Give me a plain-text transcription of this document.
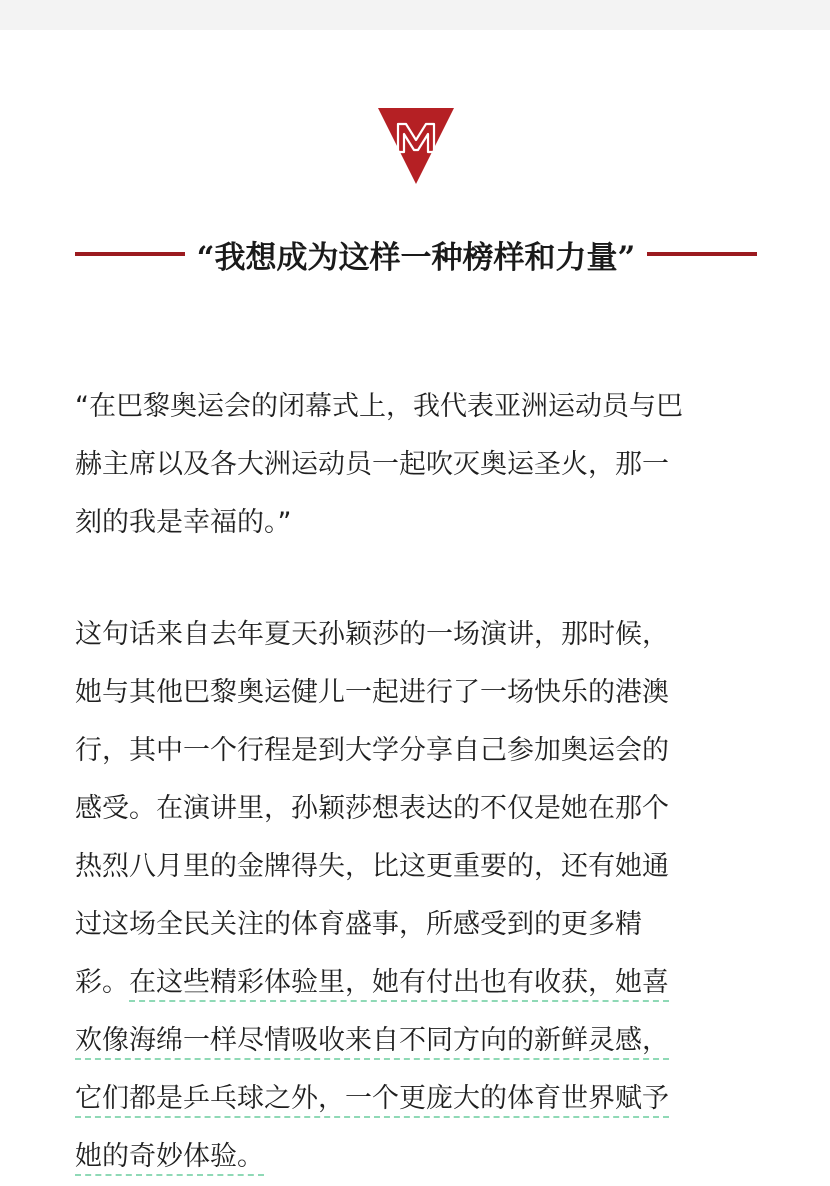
“我想成为这样一种榜样和力量”

“在巴黎奥运会的闭幕式上，我代表亚洲运动员与巴
赫主席以及各大洲运动员一起吹灭奥运圣火，那一
刻的我是幸福的。”

这句话来自去年夏天孙颖莎的一场演讲，那时候，
她与其他巴黎奥运健儿一起进行了一场快乐的港澳
行，其中一个行程是到大学分享自己参加奥运会的
感受。在演讲里，孙颖莎想表达的不仅是她在那个
热烈八月里的金牌得失，比这更重要的，还有她通
过这场全民关注的体育盛事，所感受到的更多精
彩。在这些精彩体验里，她有付出也有收获，她喜
欢像海绵一样尽情吸收来自不同方向的新鲜灵感，
它们都是乒乓球之外，一个更庞大的体育世界赋予
她的奇妙体验。
